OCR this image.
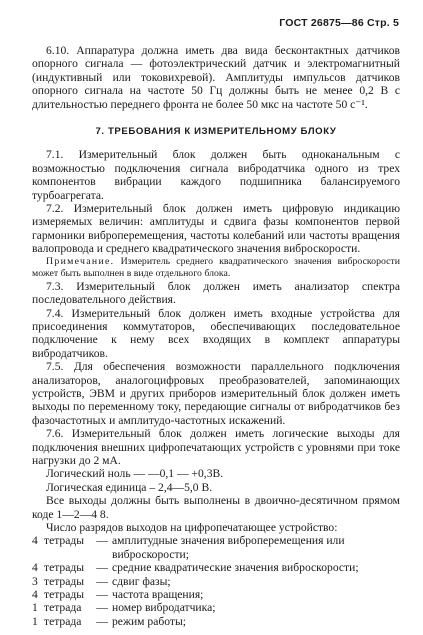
ГОСТ 26875—86 Стр. 5

6.10. Аппаратура должна иметь два вида бесконтактных датчиков опорного сигнала — фотоэлектрический датчик и электромагнитный (индуктивный или токовихревой). Амплитуды импульсов датчиков опорного сигнала на частоте 50 Гц должны быть не менее 0,2 В с длительностью переднего фронта не более 50 мкс на частоте 50 с⁻¹.

7. ТРЕБОВАНИЯ К ИЗМЕРИТЕЛЬНОМУ БЛОКУ

7.1. Измерительный блок должен быть одноканальным с возможностью подключения сигнала вибродатчика одного из трех компонентов вибрации каждого подшипника балансируемого турбоагрегата.

7.2. Измерительный блок должен иметь цифровую индикацию измеряемых величин: амплитуды и сдвига фазы компонентов первой гармоники виброперемещения, частоты колебаний или частоты вращения валопровода и среднего квадратического значения виброскорости.

Примечание. Измеритель среднего квадратического значения виброскорости может быть выполнен в виде отдельного блока.

7.3. Измерительный блок должен иметь анализатор спектра последовательного действия.

7.4. Измерительный блок должен иметь входные устройства для присоединения коммутаторов, обеспечивающих последовательное подключение к нему всех входящих в комплект аппаратуры вибродатчиков.

7.5. Для обеспечения возможности параллельного подключения анализаторов, аналогоцифровых преобразователей, запоминающих устройств, ЭВМ и других приборов измерительный блок должен иметь выходы по переменному току, передающие сигналы от вибродатчиков без фазочастотных и амплитудо-частотных искажений.

7.6. Измерительный блок должен иметь логические выходы для подключения внешних цифропечатающих устройств с уровнями при токе нагрузки до 2 мА.

Логический ноль — —0,1 — +0,3В.
Логическая единица – 2,4—5,0 В.

Все выходы должны быть выполнены в двоично-десятичном прямом коде 1—2—4 8.

Число разрядов выходов на цифропечатающее устройство:

4 тетрады	— амплитудные значения виброперемещения или виброскорости;
4 тетрады	— средние квадратические значения виброскорости;
3 тетрады	— сдвиг фазы;
4 тетрады	— частота вращения;
1 тетрада	— номер вибродатчика;
1 тетрада	— режим работы;
